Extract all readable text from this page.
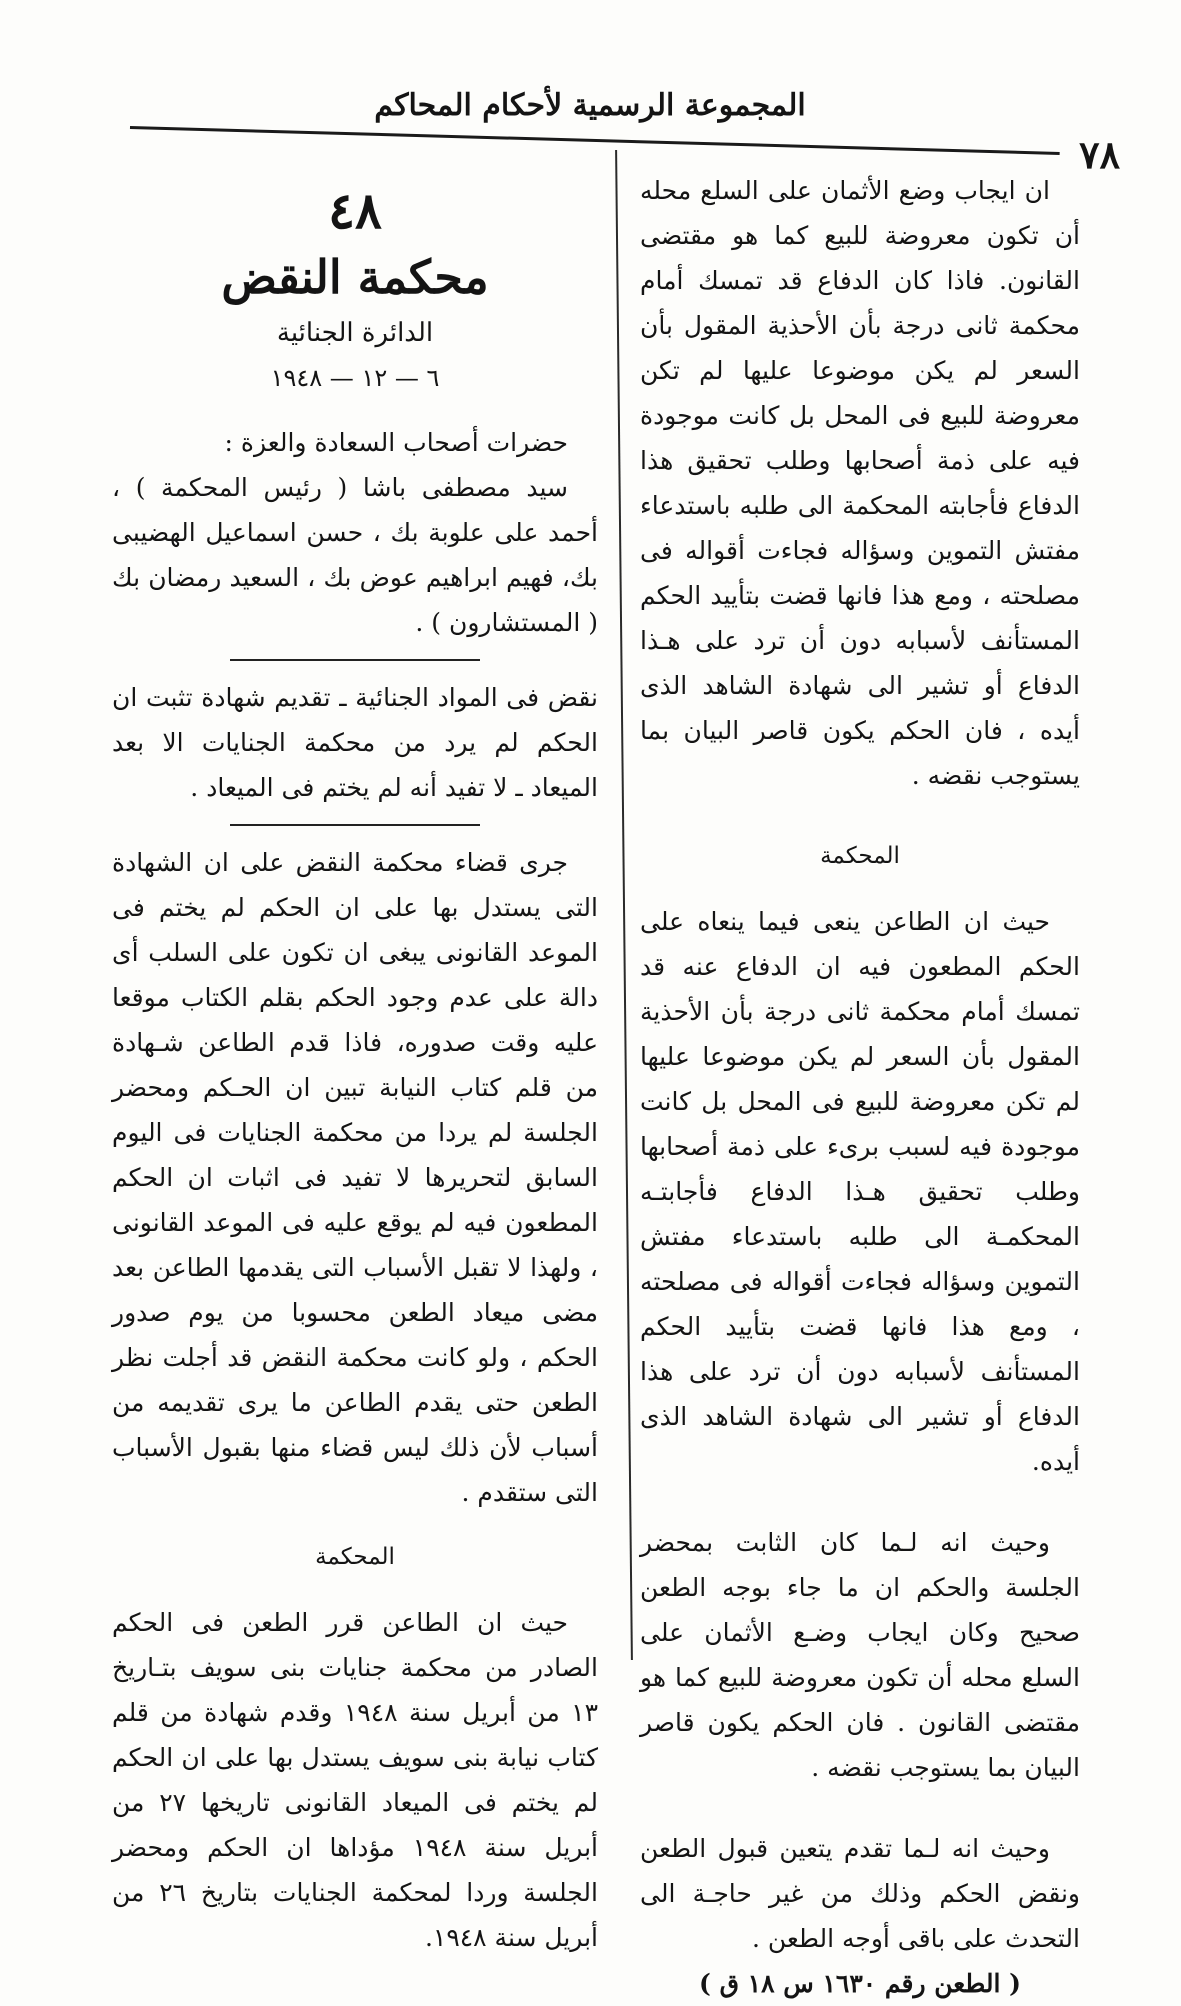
المجموعة الرسمية لأحكام المحاكم
٧٨

ان ايجاب وضع الأثمان على السلع محله أن تكون معروضة للبيع كما هو مقتضى القانون. فاذا كان الدفاع قد تمسك أمام محكمة ثانى درجة بأن الأحذية المقول بأن السعر لم يكن موضوعا عليها لم تكن معروضة للبيع فى المحل بل كانت موجودة فيه على ذمة أصحابها وطلب تحقيق هذا الدفاع فأجابته المحكمة الى طلبه باستدعاء مفتش التموين وسؤاله فجاءت أقواله فى مصلحته ، ومع هذا فانها قضت بتأييد الحكم المستأنف لأسبابه دون أن ترد على هـذا الدفاع أو تشير الى شهادة الشاهد الذى أيده ، فان الحكم يكون قاصر البيان بما يستوجب نقضه .

المحكمة

حيث ان الطاعن ينعى فيما ينعاه على الحكم المطعون فيه ان الدفاع عنه قد تمسك أمام محكمة ثانى درجة بأن الأحذية المقول بأن السعر لم يكن موضوعا عليها لم تكن معروضة للبيع فى المحل بل كانت موجودة فيه لسبب برىء على ذمة أصحابها وطلب تحقيق هـذا الدفاع فأجابتـه المحكمـة الى طلبه باستدعاء مفتش التموين وسؤاله فجاءت أقواله فى مصلحته ، ومع هذا فانها قضت بتأييد الحكم المستأنف لأسبابه دون أن ترد على هذا الدفاع أو تشير الى شهادة الشاهد الذى أيده.

وحيث انه لـما كان الثابت بمحضر الجلسة والحكم ان ما جاء بوجه الطعن صحيح وكان ايجاب وضـع الأثمان على السلع محله أن تكون معروضة للبيع كما هو مقتضى القانون . فان الحكم يكون قاصر البيان بما يستوجب نقضه .

وحيث انه لـما تقدم يتعين قبول الطعن ونقض الحكم وذلك من غير حاجـة الى التحدث على باقى أوجه الطعن .

( الطعن رقم ١٦٣٠ س ١٨ ق )

٤٨
محكمة النقض
الدائرة الجنائية
٦ — ١٢ — ١٩٤٨

حضرات أصحاب السعادة والعزة :

سيد مصطفى باشا ( رئيس المحكمة ) ، أحمد على علوبة بك ، حسن اسماعيل الهضيبى بك، فهيم ابراهيم عوض بك ، السعيد رمضان بك ( المستشارون ) .

نقض فى المواد الجنائية ـ تقديم شهادة تثبت ان الحكم لم يرد من محكمة الجنايات الا بعد الميعاد ـ لا تفيد أنه لم يختم فى الميعاد .

جرى قضاء محكمة النقض على ان الشهادة التى يستدل بها على ان الحكم لم يختم فى الموعد القانونى يبغى ان تكون على السلب أى دالة على عدم وجود الحكم بقلم الكتاب موقعا عليه وقت صدوره، فاذا قدم الطاعن شـهادة من قلم كتاب النيابة تبين ان الحـكم ومحضر الجلسة لم يردا من محكمة الجنايات فى اليوم السابق لتحريرها لا تفيد فى اثبات ان الحكم المطعون فيه لم يوقع عليه فى الموعد القانونى ، ولهذا لا تقبل الأسباب التى يقدمها الطاعن بعد مضى ميعاد الطعن محسوبا من يوم صدور الحكم ، ولو كانت محكمة النقض قد أجلت نظر الطعن حتى يقدم الطاعن ما يرى تقديمه من أسباب لأن ذلك ليس قضاء منها بقبول الأسباب التى ستقدم .

المحكمة

حيث ان الطاعن قرر الطعن فى الحكم الصادر من محكمة جنايات بنى سويف بتـاريخ ١٣ من أبريل سنة ١٩٤٨ وقدم شهادة من قلم كتاب نيابة بنى سويف يستدل بها على ان الحكم لم يختم فى الميعاد القانونى تاريخها ٢٧ من أبريل سنة ١٩٤٨ مؤداها ان الحكم ومحضر الجلسة وردا لمحكمة الجنايات بتاريخ ٢٦ من أبريل سنة ١٩٤٨.
